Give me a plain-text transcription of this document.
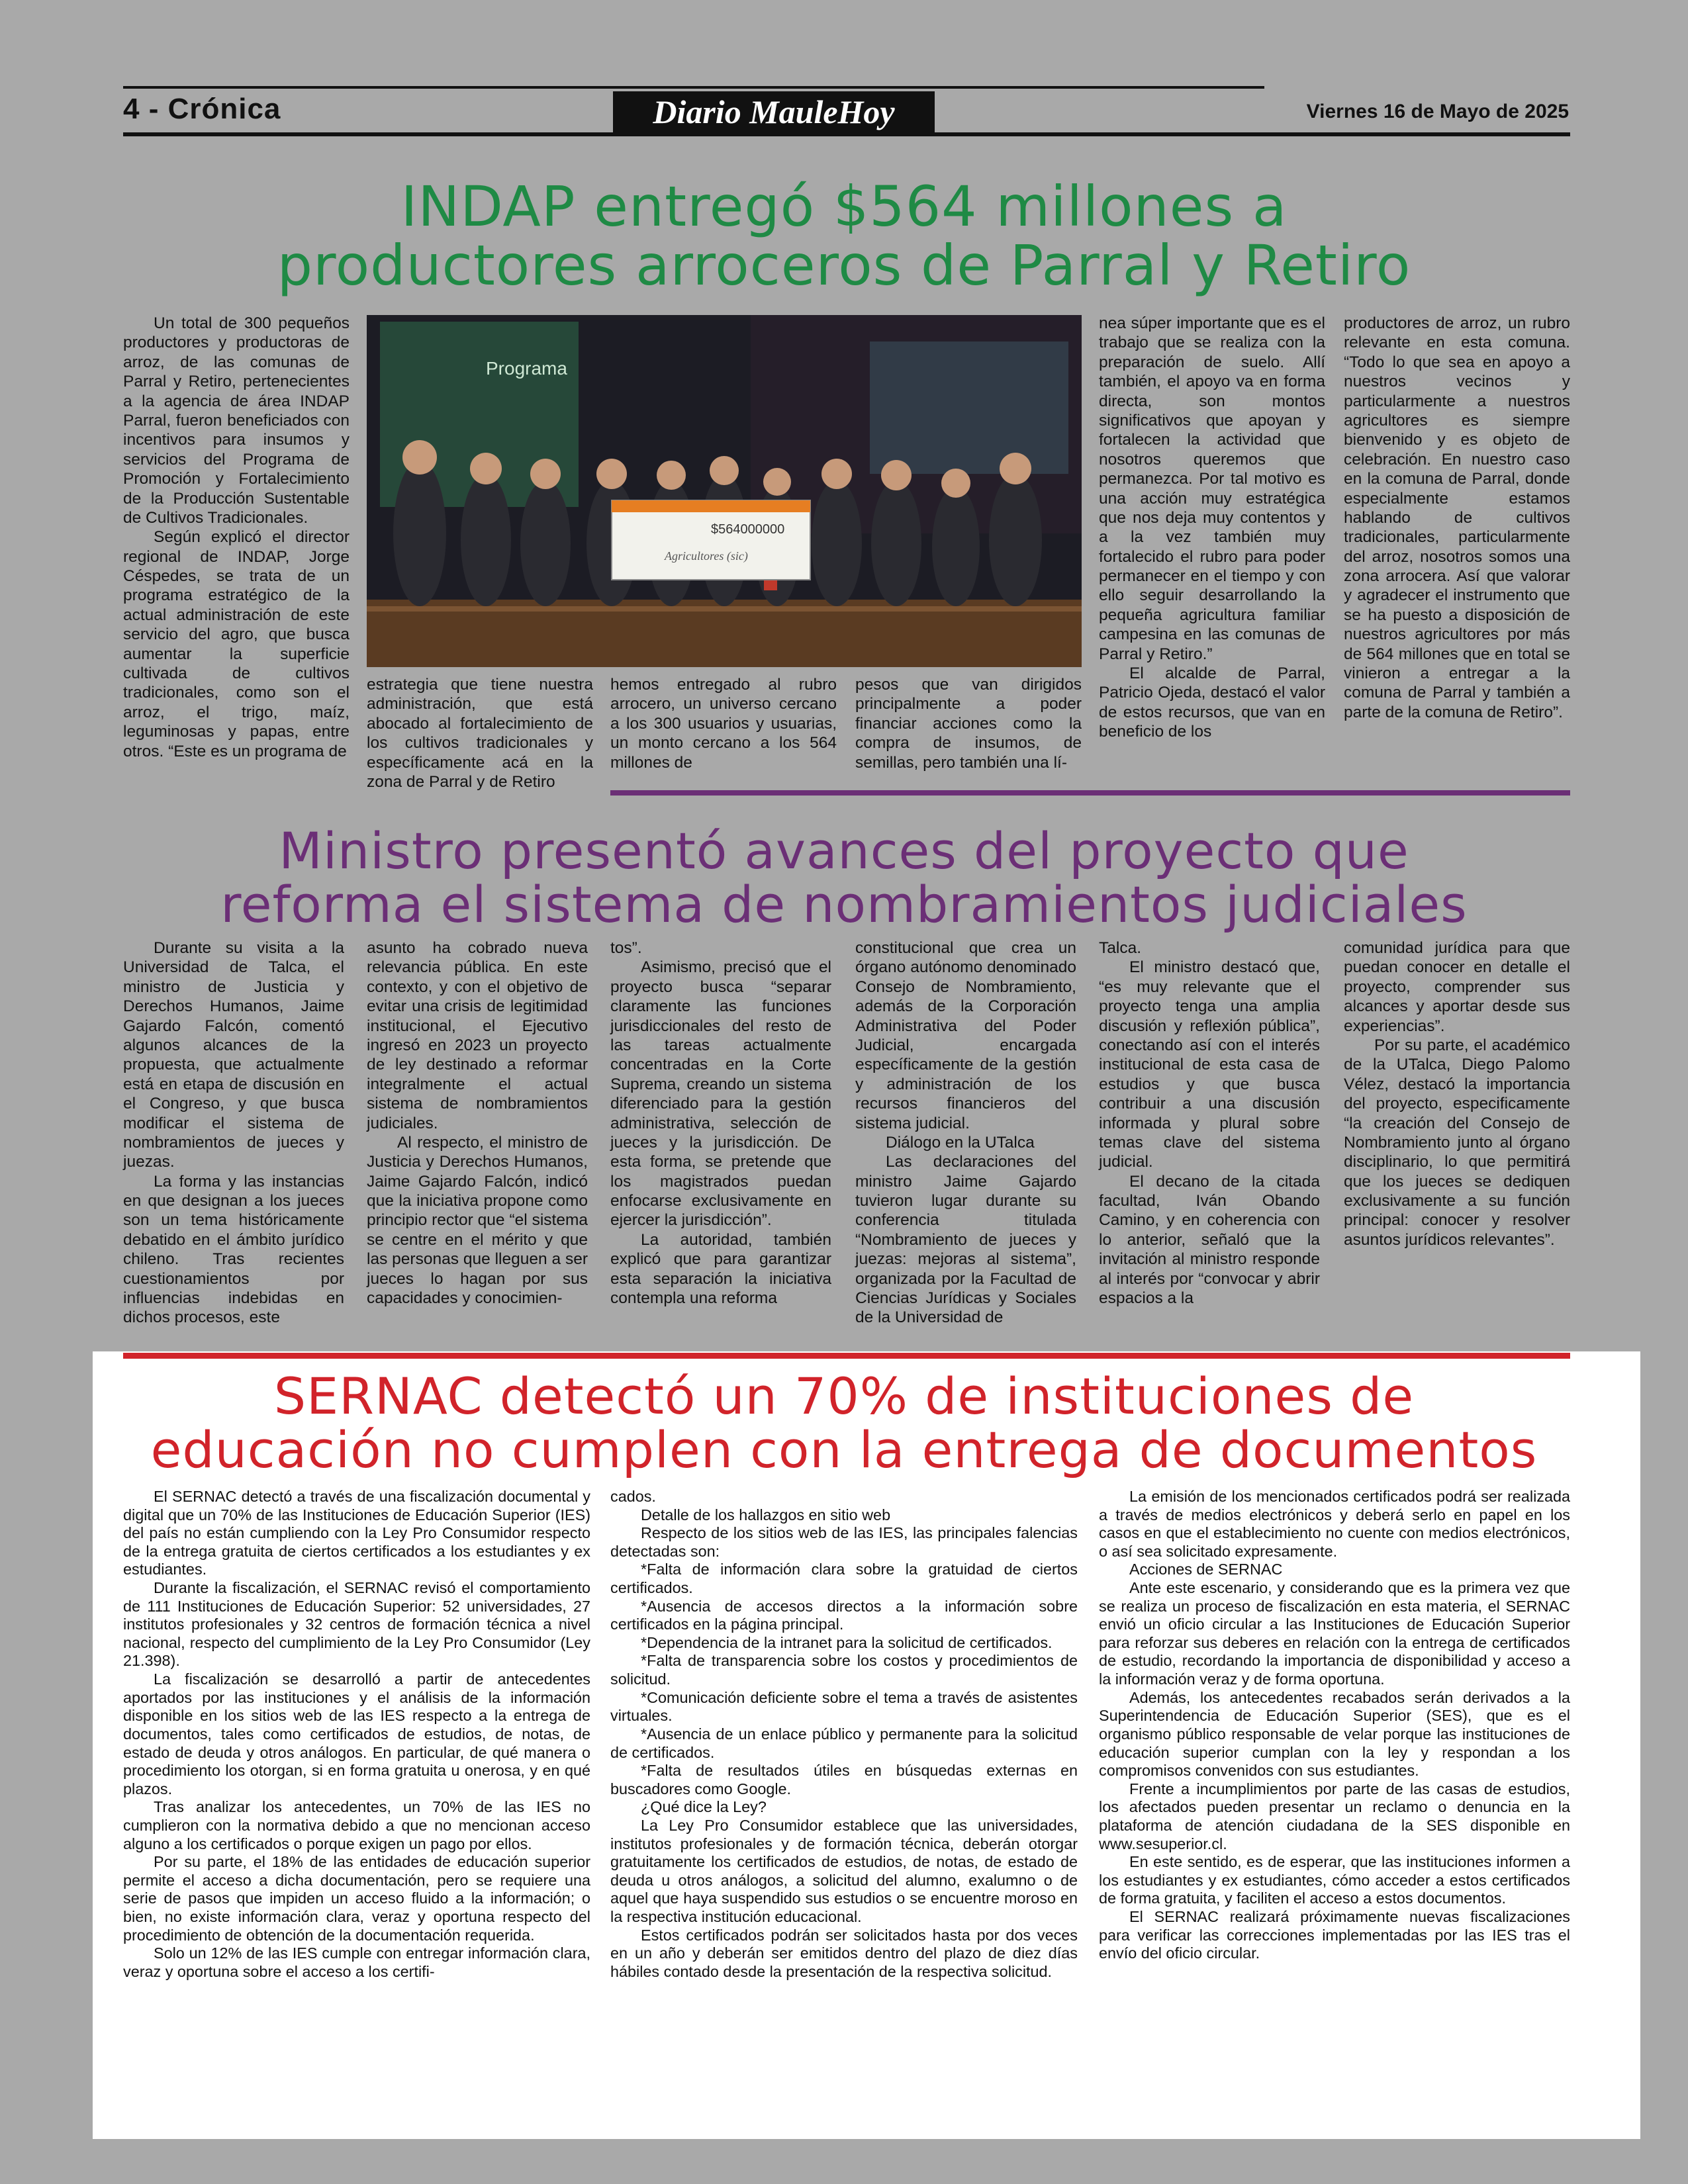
4 - Crónica	Diario MauleHoy	Viernes 16 de Mayo de 2025
INDAP entregó $564 millones a
productores arroceros de Parral y Retiro

Un total de 300 pequeños productores y productoras de arroz, de las comunas de Parral y Retiro, pertenecientes a la agencia de área INDAP Parral, fueron beneficiados con incentivos para insumos y servicios del Programa de Promoción y Fortalecimiento de la Producción Sustentable de Cultivos Tradicionales.

Según explicó el director regional de INDAP, Jorge Céspedes, se trata de un programa estratégico de la actual administración de este servicio del agro, que busca aumentar la superficie cultivada de cultivos tradicionales, como son el arroz, el trigo, maíz, leguminosas y papas, entre otros. “Este es un programa de

Programa
$564000000
Agricultores (sic)

estrategia que tiene nuestra administración, que está abocado al fortalecimiento de los cultivos tradicionales y específicamente acá en la zona de Parral y de Retiro

hemos entregado al rubro arrocero, un universo cercano a los 300 usuarios y usuarias, un monto cercano a los 564 millones de

pesos que van dirigidos principalmente a poder financiar acciones como la compra de insumos, de semillas, pero también una lí-

nea súper importante que es el trabajo que se realiza con la preparación de suelo. Allí también, el apoyo va en forma directa, son montos significativos que apoyan y fortalecen la actividad que nosotros queremos que permanezca. Por tal motivo es una acción muy estratégica que nos deja muy contentos y a la vez también muy fortalecido el rubro para poder permanecer en el tiempo y con ello seguir desarrollando la pequeña agricultura familiar campesina en las comunas de Parral y Retiro.”

El alcalde de Parral, Patricio Ojeda, destacó el valor de estos recursos, que van en beneficio de los

productores de arroz, un rubro relevante en esta comuna. “Todo lo que sea en apoyo a nuestros vecinos y particularmente a nuestros agricultores es siempre bienvenido y es objeto de celebración. En nuestro caso en la comuna de Parral, donde especialmente estamos hablando de cultivos tradicionales, particularmente del arroz, nosotros somos una zona arrocera. Así que valorar y agradecer el instrumento que se ha puesto a disposición de nuestros agricultores por más de 564 millones que en total se vinieron a entregar a la comuna de Parral y también a parte de la comuna de Retiro”.

Ministro presentó avances del proyecto que
reforma el sistema de nombramientos judiciales

Durante su visita a la Universidad de Talca, el ministro de Justicia y Derechos Humanos, Jaime Gajardo Falcón, comentó algunos alcances de la propuesta, que actualmente está en etapa de discusión en el Congreso, y que busca modificar el sistema de nombramientos de jueces y juezas.

La forma y las instancias en que designan a los jueces son un tema históricamente debatido en el ámbito jurídico chileno. Tras recientes cuestionamientos por influencias indebidas en dichos procesos, este

asunto ha cobrado nueva relevancia pública. En este contexto, y con el objetivo de evitar una crisis de legitimidad institucional, el Ejecutivo ingresó en 2023 un proyecto de ley destinado a reformar integralmente el actual sistema de nombramientos judiciales.

Al respecto, el ministro de Justicia y Derechos Humanos, Jaime Gajardo Falcón, indicó que la iniciativa propone como principio rector que “el sistema se centre en el mérito y que las personas que lleguen a ser jueces lo hagan por sus capacidades y conocimien-

tos”.

Asimismo, precisó que el proyecto busca “separar claramente las funciones jurisdiccionales del resto de las tareas actualmente concentradas en la Corte Suprema, creando un sistema diferenciado para la gestión administrativa, selección de jueces y la jurisdicción. De esta forma, se pretende que los magistrados puedan enfocarse exclusivamente en ejercer la jurisdicción”.

La autoridad, también explicó que para garantizar esta separación la iniciativa contempla una reforma

constitucional que crea un órgano autónomo denominado Consejo de Nombramiento, además de la Corporación Administrativa del Poder Judicial, encargada específicamente de la gestión y administración de los recursos financieros del sistema judicial.

Diálogo en la UTalca

Las declaraciones del ministro Jaime Gajardo tuvieron lugar durante su conferencia titulada “Nombramiento de jueces y juezas: mejoras al sistema”, organizada por la Facultad de Ciencias Jurídicas y Sociales de la Universidad de

Talca.

El ministro destacó que, “es muy relevante que el proyecto tenga una amplia discusión y reflexión pública”, conectando así con el interés institucional de esta casa de estudios y que busca contribuir a una discusión informada y plural sobre temas clave del sistema judicial.

El decano de la citada facultad, Iván Obando Camino, y en coherencia con lo anterior, señaló que la invitación al ministro responde al interés por “convocar y abrir espacios a la

comunidad jurídica para que puedan conocer en detalle el proyecto, comprender sus alcances y aportar desde sus experiencias”.

Por su parte, el académico de la UTalca, Diego Palomo Vélez, destacó la importancia del proyecto, especificamente “la creación del Consejo de Nombramiento junto al órgano disciplinario, lo que permitirá que los jueces se dediquen exclusivamente a su función principal: conocer y resolver asuntos jurídicos relevantes”.

SERNAC detectó un 70% de instituciones de
educación no cumplen con la entrega de documentos

El SERNAC detectó a través de una fiscalización documental y digital que un 70% de las Instituciones de Educación Superior (IES) del país no están cumpliendo con la Ley Pro Consumidor respecto de la entrega gratuita de ciertos certificados a los estudiantes y ex estudiantes.

Durante la fiscalización, el SERNAC revisó el comportamiento de 111 Instituciones de Educación Superior: 52 universidades, 27 institutos profesionales y 32 centros de formación técnica a nivel nacional, respecto del cumplimiento de la Ley Pro Consumidor (Ley 21.398).

La fiscalización se desarrolló a partir de antecedentes aportados por las instituciones y el análisis de la información disponible en los sitios web de las IES respecto a la entrega de documentos, tales como certificados de estudios, de notas, de estado de deuda y otros análogos. En particular, de qué manera o procedimiento los otorgan, si en forma gratuita u onerosa, y en qué plazos.

Tras analizar los antecedentes, un 70% de las IES no cumplieron con la normativa debido a que no mencionan acceso alguno a los certificados o porque exigen un pago por ellos.

Por su parte, el 18% de las entidades de educación superior permite el acceso a dicha documentación, pero se requiere una serie de pasos que impiden un acceso fluido a la información; o bien, no existe información clara, veraz y oportuna respecto del procedimiento de obtención de la documentación requerida.

Solo un 12% de las IES cumple con entregar información clara, veraz y oportuna sobre el acceso a los certifi-

cados.

Detalle de los hallazgos en sitio web

Respecto de los sitios web de las IES, las principales falencias detectadas son:

*Falta de información clara sobre la gratuidad de ciertos certificados.

*Ausencia de accesos directos a la información sobre certificados en la página principal.

*Dependencia de la intranet para la solicitud de certificados.

*Falta de transparencia sobre los costos y procedimientos de solicitud.

*Comunicación deficiente sobre el tema a través de asistentes virtuales.

*Ausencia de un enlace público y permanente para la solicitud de certificados.

*Falta de resultados útiles en búsquedas externas en buscadores como Google.

¿Qué dice la Ley?

La Ley Pro Consumidor establece que las universidades, institutos profesionales y de formación técnica, deberán otorgar gratuitamente los certificados de estudios, de notas, de estado de deuda u otros análogos, a solicitud del alumno, exalumno o de aquel que haya suspendido sus estudios o se encuentre moroso en la respectiva institución educacional.

Estos certificados podrán ser solicitados hasta por dos veces en un año y deberán ser emitidos dentro del plazo de diez días hábiles contado desde la presentación de la respectiva solicitud.

La emisión de los mencionados certificados podrá ser realizada a través de medios electrónicos y deberá serlo en papel en los casos en que el establecimiento no cuente con medios electrónicos, o así sea solicitado expresamente.

Acciones de SERNAC

Ante este escenario, y considerando que es la primera vez que se realiza un proceso de fiscalización en esta materia, el SERNAC envió un oficio circular a las Instituciones de Educación Superior para reforzar sus deberes en relación con la entrega de certificados de estudio, recordando la importancia de disponibilidad y acceso a la información veraz y de forma oportuna.

Además, los antecedentes recabados serán derivados a la Superintendencia de Educación Superior (SES), que es el organismo público responsable de velar porque las instituciones de educación superior cumplan con la ley y respondan a los compromisos convenidos con sus estudiantes.

Frente a incumplimientos por parte de las casas de estudios, los afectados pueden presentar un reclamo o denuncia en la plataforma de atención ciudadana de la SES disponible en www.sesuperior.cl.

En este sentido, es de esperar, que las instituciones informen a los estudiantes y ex estudiantes, cómo acceder a estos certificados de forma gratuita, y faciliten el acceso a estos documentos.

El SERNAC realizará próximamente nuevas fiscalizaciones para verificar las correcciones implementadas por las IES tras el envío del oficio circular.
